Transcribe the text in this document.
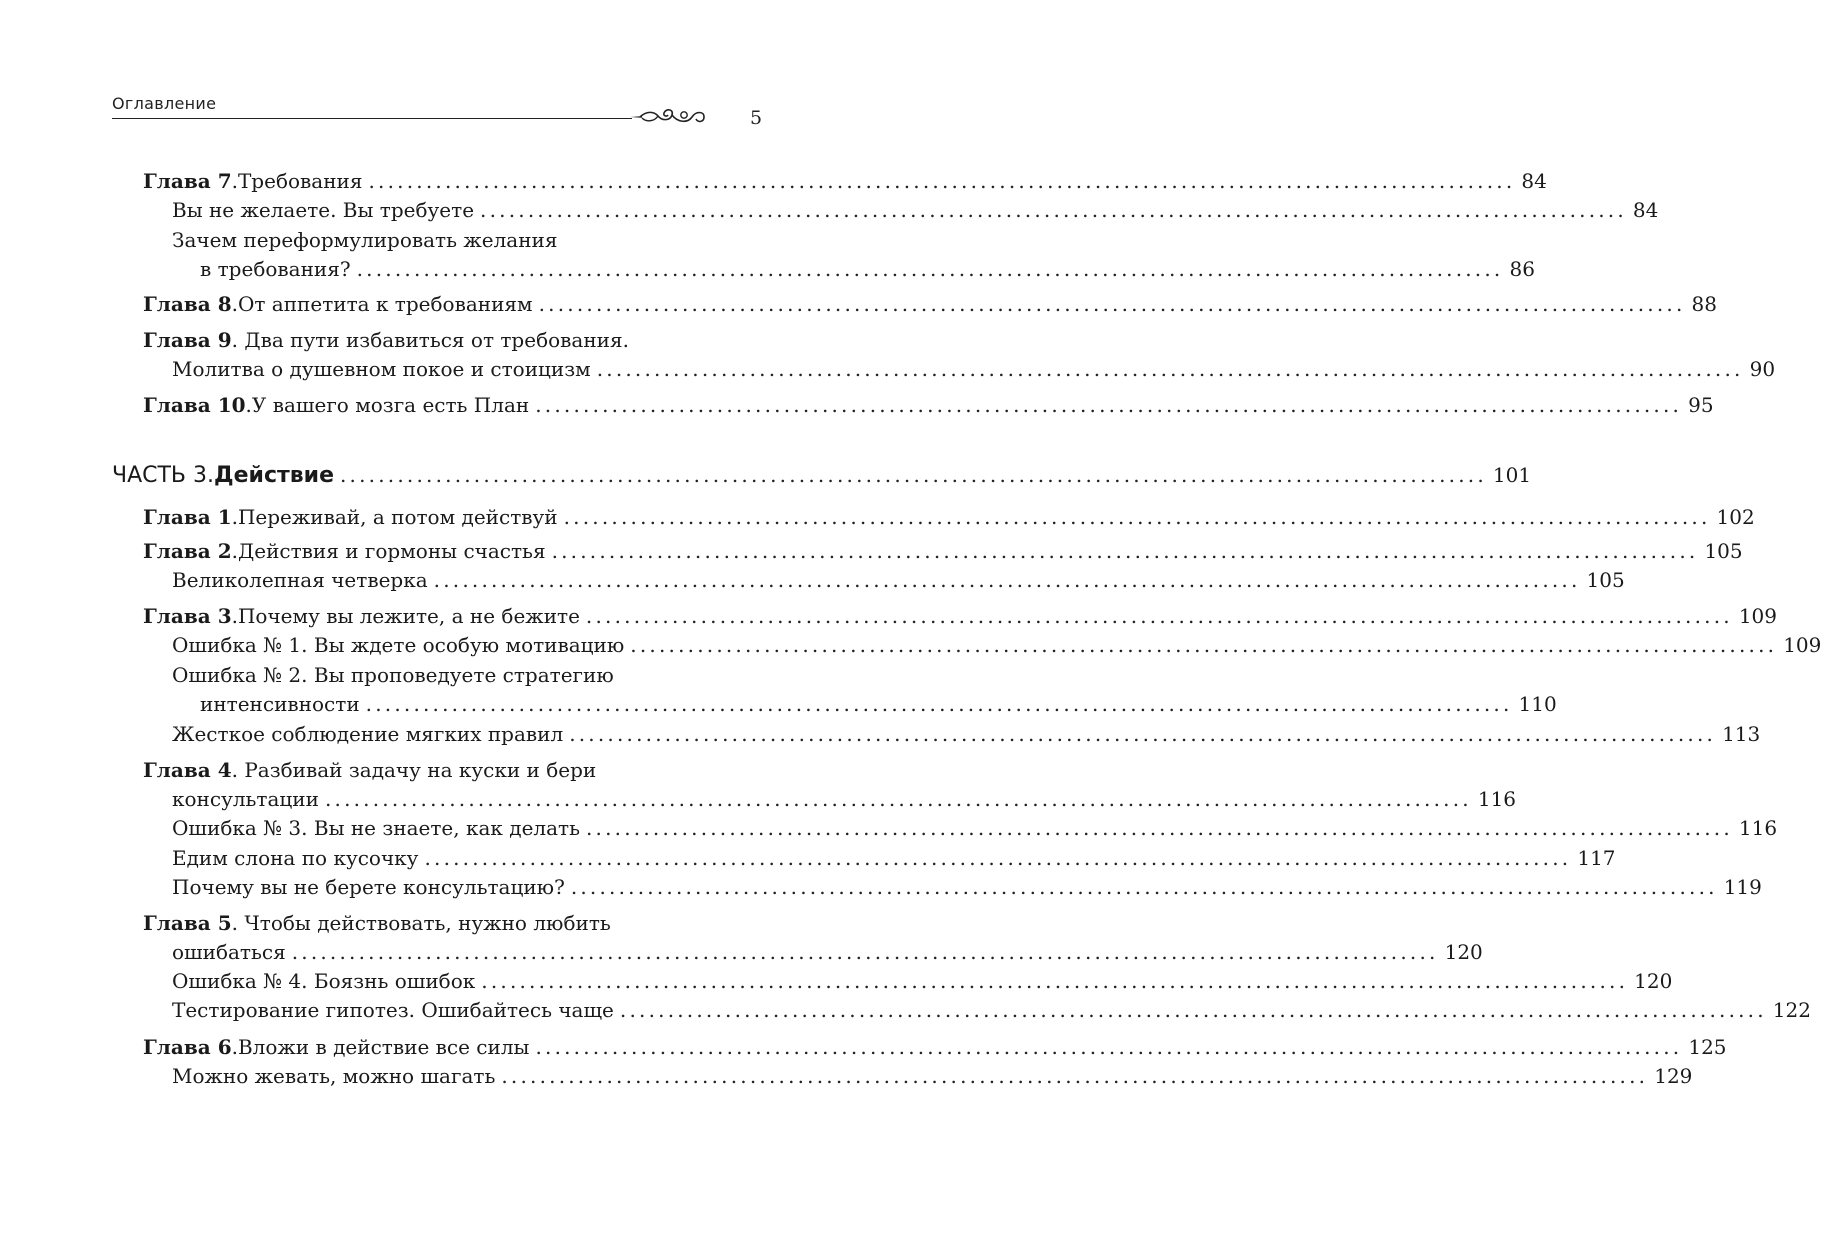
Оглавление
5
Глава 7 . Требования ........................................................................................................................ 84
Вы не желаете. Вы требуете ........................................................................................................................ 84
Зачем переформулировать желания
в требования? ........................................................................................................................ 86
Глава 8 . От аппетита к требованиям ........................................................................................................................ 88
Глава 9. Два пути избавиться от требования.
Молитва о душевном покое и стоицизм ........................................................................................................................ 90
Глава 10 . У вашего мозга есть План ........................................................................................................................ 95
ЧАСТЬ 3 . Действие ........................................................................................................................ 101
Глава 1 . Переживай, а потом действуй ........................................................................................................................ 102
Глава 2 . Действия и гормоны счастья ........................................................................................................................ 105
Великолепная четверка ........................................................................................................................ 105
Глава 3 . Почему вы лежите, а не бежите ........................................................................................................................ 109
Ошибка № 1. Вы ждете особую мотивацию ........................................................................................................................ 109
Ошибка № 2. Вы проповедуете стратегию
интенсивности ........................................................................................................................ 110
Жесткое соблюдение мягких правил ........................................................................................................................ 113
Глава 4. Разбивай задачу на куски и бери
консультации ........................................................................................................................ 116
Ошибка № 3. Вы не знаете, как делать ........................................................................................................................ 116
Едим слона по кусочку ........................................................................................................................ 117
Почему вы не берете консультацию? ........................................................................................................................ 119
Глава 5. Чтобы действовать, нужно любить
ошибаться ........................................................................................................................ 120
Ошибка № 4. Боязнь ошибок ........................................................................................................................ 120
Тестирование гипотез. Ошибайтесь чаще ........................................................................................................................ 122
Глава 6 . Вложи в действие все силы ........................................................................................................................ 125
Можно жевать, можно шагать ........................................................................................................................ 129
